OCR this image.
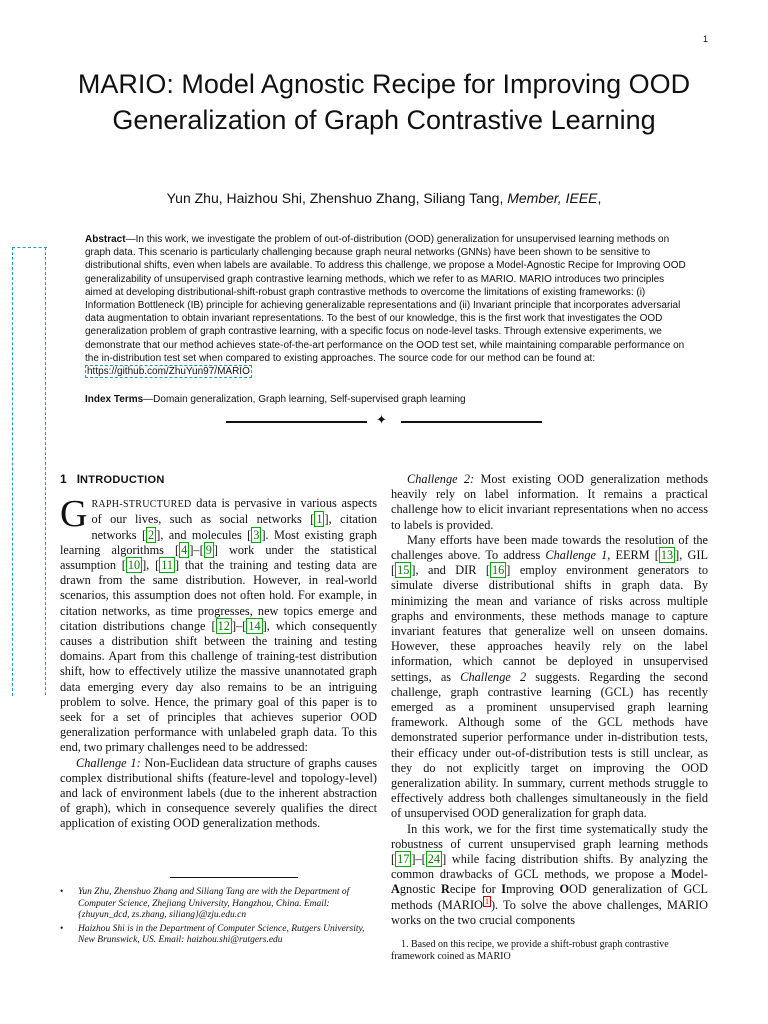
1
MARIO: Model Agnostic Recipe for Improving OOD Generalization of Graph Contrastive Learning
Yun Zhu, Haizhou Shi, Zhenshuo Zhang, Siliang Tang, Member, IEEE,
Abstract—In this work, we investigate the problem of out-of-distribution (OOD) generalization for unsupervised learning methods on graph data. This scenario is particularly challenging because graph neural networks (GNNs) have been shown to be sensitive to distributional shifts, even when labels are available. To address this challenge, we propose a Model-Agnostic Recipe for Improving OOD generalizability of unsupervised graph contrastive learning methods, which we refer to as MARIO. MARIO introduces two principles aimed at developing distributional-shift-robust graph contrastive methods to overcome the limitations of existing frameworks: (i) Information Bottleneck (IB) principle for achieving generalizable representations and (ii) Invariant principle that incorporates adversarial data augmentation to obtain invariant representations. To the best of our knowledge, this is the first work that investigates the OOD generalization problem of graph contrastive learning, with a specific focus on node-level tasks. Through extensive experiments, we demonstrate that our method achieves state-of-the-art performance on the OOD test set, while maintaining comparable performance on the in-distribution test set when compared to existing approaches. The source code for our method can be found at: https://github.com/ZhuYun97/MARIO
Index Terms—Domain generalization, Graph learning, Self-supervised graph learning
✦
1 INTRODUCTION

GRAPH-STRUCTURED data is pervasive in various aspects of our lives, such as social networks [ 1 ], citation networks [ 2 ], and molecules [ 3 ]. Most existing graph learning algorithms [ 4 ]–[ 9 ] work under the statistical assumption [ 10 ], [ 11 ] that the training and testing data are drawn from the same distribution. However, in real-world scenarios, this assumption does not often hold. For example, in citation networks, as time progresses, new topics emerge and citation distributions change [ 12 ]–[ 14 ], which consequently causes a distribution shift between the training and testing domains. Apart from this challenge of training-test distribution shift, how to effectively utilize the massive unannotated graph data emerging every day also remains to be an intriguing problem to solve. Hence, the primary goal of this paper is to seek for a set of principles that achieves superior OOD generalization performance with unlabeled graph data. To this end, two primary challenges need to be addressed:

Challenge 1: Non-Euclidean data structure of graphs causes complex distributional shifts (feature-level and topology-level) and lack of environment labels (due to the inherent abstraction of graph), which in consequence severely qualifies the direct application of existing OOD generalization methods.

• Yun Zhu, Zhenshuo Zhang and Siliang Tang are with the Department of Computer Science, Zhejiang University, Hangzhou, China. Email: {zhuyun_dcd, zs.zhang, siliang}@zju.edu.cn
• Haizhou Shi is in the Department of Computer Science, Rutgers University, New Brunswick, US. Email: haizhou.shi@rutgers.edu

Challenge 2: Most existing OOD generalization methods heavily rely on label information. It remains a practical challenge how to elicit invariant representations when no access to labels is provided.

Many efforts have been made towards the resolution of the challenges above. To address Challenge 1, EERM [ 13 ], GIL [ 15 ], and DIR [ 16 ] employ environment generators to simulate diverse distributional shifts in graph data. By minimizing the mean and variance of risks across multiple graphs and environments, these methods manage to capture invariant features that generalize well on unseen domains. However, these approaches heavily rely on the label information, which cannot be deployed in unsupervised settings, as Challenge 2 suggests. Regarding the second challenge, graph contrastive learning (GCL) has recently emerged as a prominent unsupervised graph learning framework. Although some of the GCL methods have demonstrated superior performance under in-distribution tests, their efficacy under out-of-distribution tests is still unclear, as they do not explicitly target on improving the OOD generalization ability. In summary, current methods struggle to effectively address both challenges simultaneously in the field of unsupervised OOD generalization for graph data.

In this work, we for the first time systematically study the robustness of current unsupervised graph learning methods [ 17 ]–[ 24 ] while facing distribution shifts. By analyzing the common drawbacks of GCL methods, we propose a Model-Agnostic Recipe for Improving OOD generalization of GCL methods (MARIO $^1$ ). To solve the above challenges, MARIO works on the two crucial components

1. Based on this recipe, we provide a shift-robust graph contrastive framework coined as MARIO
